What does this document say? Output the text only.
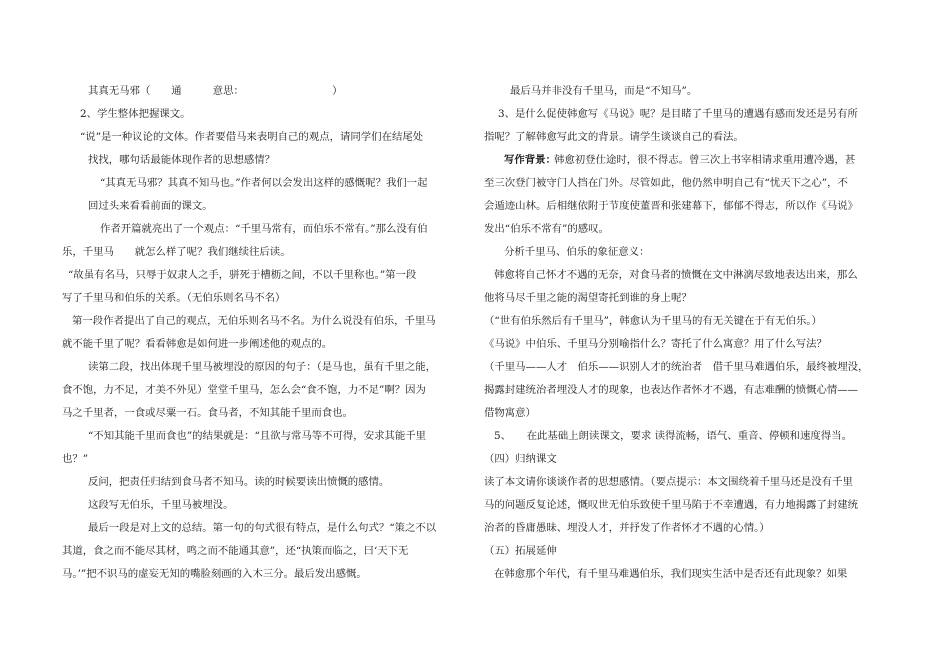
其真无马邪（　　通　　　意思：　　　　　　　　　）
2、学生整体把握课文。
“说”是一种议论的文体。作者要借马来表明自己的观点，请同学们在结尾处
找找，哪句话最能体现作者的思想感情？
“其真无马邪？其真不知马也。”作者何以会发出这样的感慨呢？我们一起
回过头来看看前面的课文。
作者开篇就亮出了一个观点：“千里马常有，而伯乐不常有。”那么没有伯
乐，千里马　　就怎么样了呢？我们继续往后读。
“故虽有名马，只辱于奴隶人之手，骈死于槽枥之间，不以千里称也。”第一段
写了千里马和伯乐的关系。（无伯乐则名马不名）
第一段作者提出了自己的观点，无伯乐则名马不名。为什么说没有伯乐，千里马
就不能千里了呢？看看韩愈是如何进一步阐述他的观点的。
读第二段，找出体现千里马被埋没的原因的句子：（是马也，虽有千里之能，
食不饱，力不足，才美不外见）堂堂千里马，怎么会“食不饱，力不足”啊？因为
马之千里者，一食或尽粟一石。食马者，不知其能千里而食也。
“不知其能千里而食也”的结果就是：“且欲与常马等不可得，安求其能千里
也？”
反问，把责任归结到食马者不知马。读的时候要读出愤慨的感情。
这段写无伯乐，千里马被埋没。
最后一段是对上文的总结。第一句的句式很有特点，是什么句式？“策之不以
其道，食之而不能尽其材，鸣之而不能通其意”，还“执策而临之，曰‘天下无
马。’”把不识马的虚妄无知的嘴脸刻画的入木三分。最后发出感慨。
最后马并非没有千里马，而是“不知马”。
3、是什么促使韩愈写《马说》呢？是目睹了千里马的遭遇有感而发还是另有所
指呢？了解韩愈写此文的背景。请学生谈谈自己的看法。
写作背景：
韩愈初登仕途时，很不得志。曾三次上书宰相请求重用遭冷遇，甚
至三次登门被守门人挡在门外。尽管如此，他仍然申明自己有“忧天下之心”，不
会遁迹山林。后相继依附于节度使董晋和张建幕下，郁郁不得志，所以作《马说》
发出“伯乐不常有”的感叹。
分析千里马、伯乐的象征意义：
韩愈将自己怀才不遇的无奈，对食马者的愤慨在文中淋漓尽致地表达出来，那么
他将马尽千里之能的渴望寄托到谁的身上呢？
（“世有伯乐然后有千里马”，韩愈认为千里马的有无关键在于有无伯乐。）
《马说》中伯乐、千里马分别喻指什么？寄托了什么寓意？用了什么写法？
（千里马——人才　伯乐——识别人才的统治者　借千里马难遇伯乐，最终被埋没，
揭露封建统治者埋没人才的现象，也表达作者怀才不遇，有志难酬的愤慨心情——
借物寓意）
5、　　在此基础上朗读课文，要求 读得流畅，语气、重音、停顿和速度得当。
（四）归纳课文
读了本文请你谈谈作者的思想感情。（要点提示：本文围绕着千里马还是没有千里
马的问题反复论述，慨叹世无伯乐致使千里马陷于不幸遭遇，有力地揭露了封建统
治者的昏庸愚昧、埋没人才，并抒发了作者怀才不遇的心情。）
（五）拓展延伸
在韩愈那个年代，有千里马难遇伯乐，我们现实生活中是否还有此现象？如果
